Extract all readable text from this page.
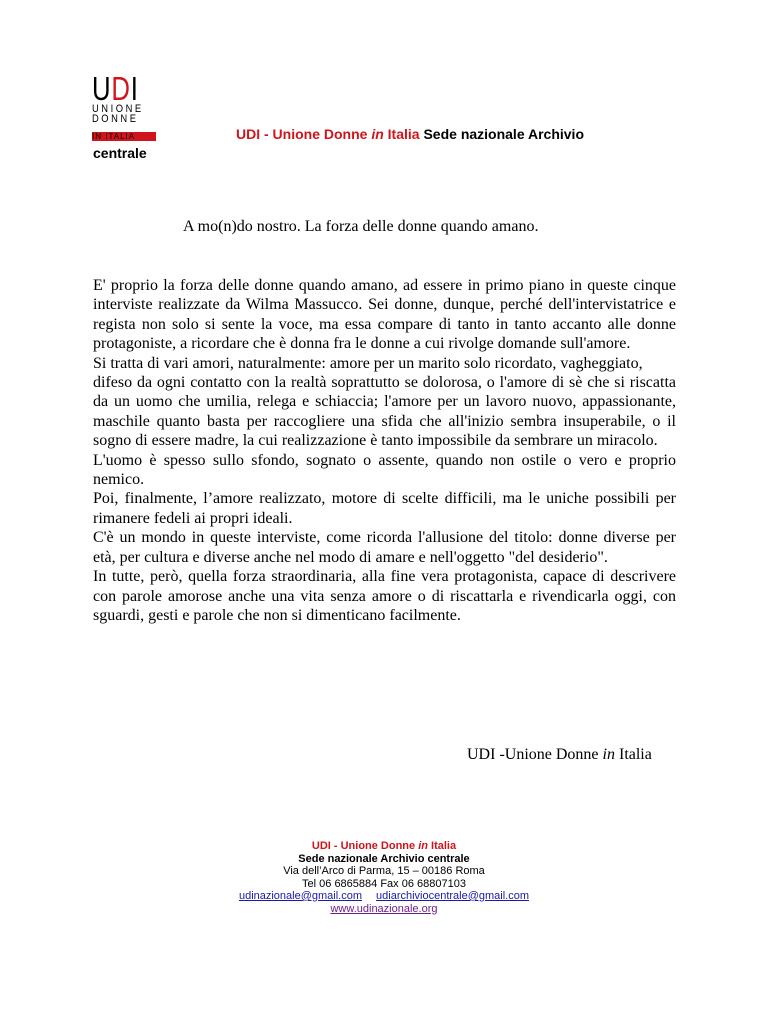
UDI
UNIONE
DONNE
IN ITALIA	UDI - Unione Donne in Italia Sede nazionale Archivio
centrale
A mo(n)do nostro. La forza delle donne quando amano.

E' proprio la forza delle donne quando amano, ad essere in primo piano in queste cinque interviste realizzate da Wilma Massucco. Sei donne, dunque, perché dell'intervistatrice e regista non solo si sente la voce, ma essa compare di tanto in tanto accanto alle donne protagoniste, a ricordare che è donna fra le donne a cui rivolge domande sull'amore.

Si tratta di vari amori, naturalmente: amore per un marito solo ricordato, vagheggiato,

difeso da ogni contatto con la realtà soprattutto se dolorosa, o l'amore di sè che si riscatta da un uomo che umilia, relega e schiaccia; l'amore per un lavoro nuovo, appassionante, maschile quanto basta per raccogliere una sfida che all'inizio sembra insuperabile, o il sogno di essere madre, la cui realizzazione è tanto impossibile da sembrare un miracolo.

L'uomo è spesso sullo sfondo, sognato o assente, quando non ostile o vero e proprio nemico.

Poi, finalmente, l’amore realizzato, motore di scelte difficili, ma le uniche possibili per rimanere fedeli ai propri ideali.

C'è un mondo in queste interviste, come ricorda l'allusione del titolo: donne diverse per età, per cultura e diverse anche nel modo di amare e nell'oggetto "del desiderio".

In tutte, però, quella forza straordinaria, alla fine vera protagonista, capace di descrivere con parole amorose anche una vita senza amore o di riscattarla e rivendicarla oggi, con sguardi, gesti e parole che non si dimenticano facilmente.

UDI -Unione Donne in Italia
UDI - Unione Donne in Italia
Sede nazionale Archivio centrale
Via dell’Arco di Parma, 15 – 00186 Roma
Tel 06 6865884 Fax 06 68807103
udinazionale@gmail.com udiarchiviocentrale@gmail.com
www.udinazionale.org
